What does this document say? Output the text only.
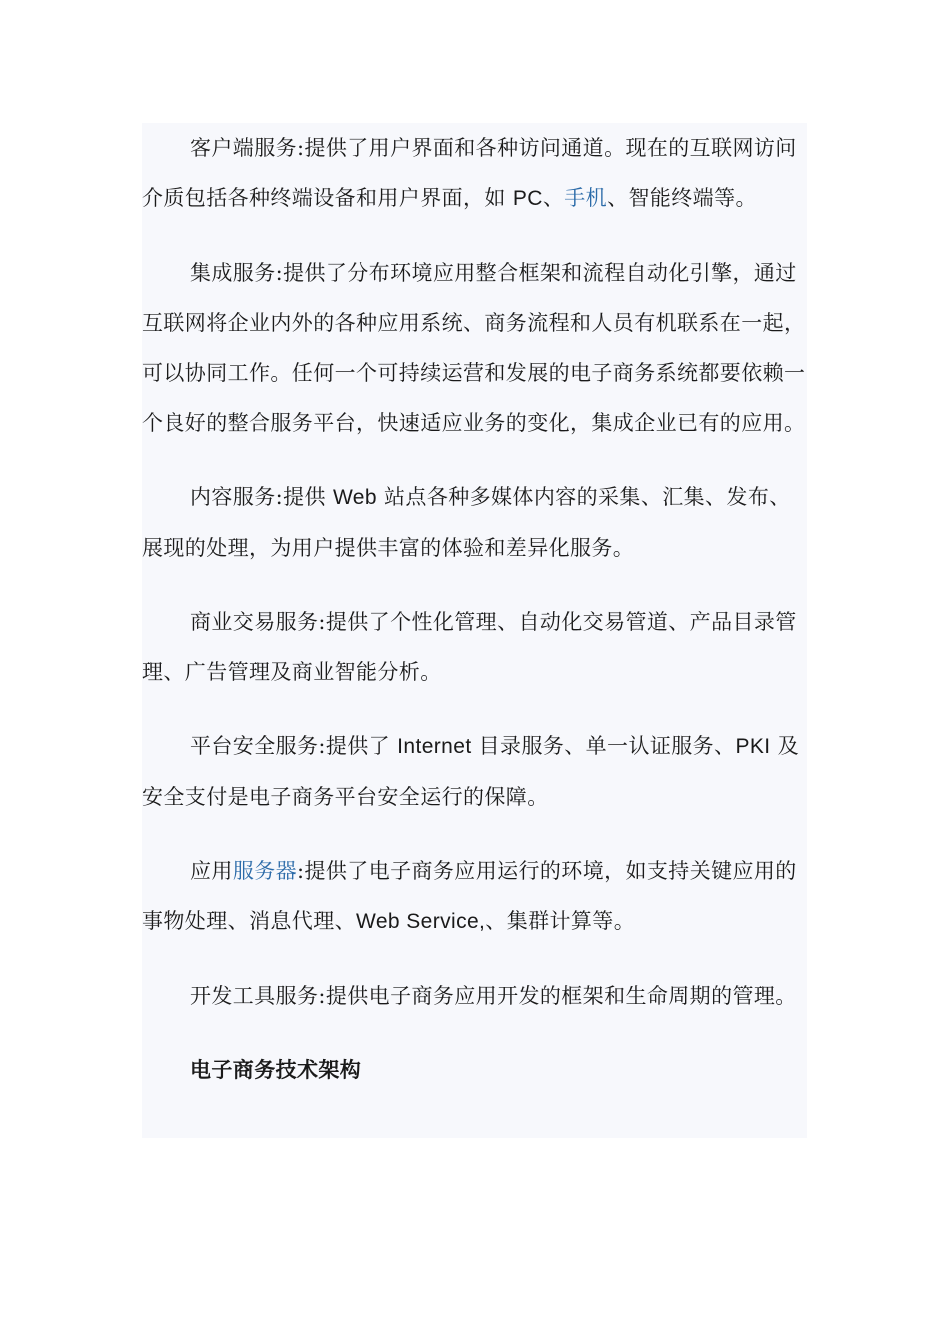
客户端服务:提供了用户界面和各种访问通道。现在的互联网访问介质包括各种终端设备和用户界面，如 PC、手机、智能终端等。

集成服务:提供了分布环境应用整合框架和流程自动化引擎，通过互联网将企业内外的各种应用系统、商务流程和人员有机联系在一起，可以协同工作。任何一个可持续运营和发展的电子商务系统都要依赖一个良好的整合服务平台，快速适应业务的变化，集成企业已有的应用。

内容服务:提供 Web 站点各种多媒体内容的采集、汇集、发布、展现的处理，为用户提供丰富的体验和差异化服务。

商业交易服务:提供了个性化管理、自动化交易管道、产品目录管理、广告管理及商业智能分析。

平台安全服务:提供了 Internet 目录服务、单一认证服务、PKI 及安全支付是电子商务平台安全运行的保障。

应用服务器:提供了电子商务应用运行的环境，如支持关键应用的事物处理、消息代理、Web Service,、集群计算等。

开发工具服务:提供电子商务应用开发的框架和生命周期的管理。

电子商务技术架构
